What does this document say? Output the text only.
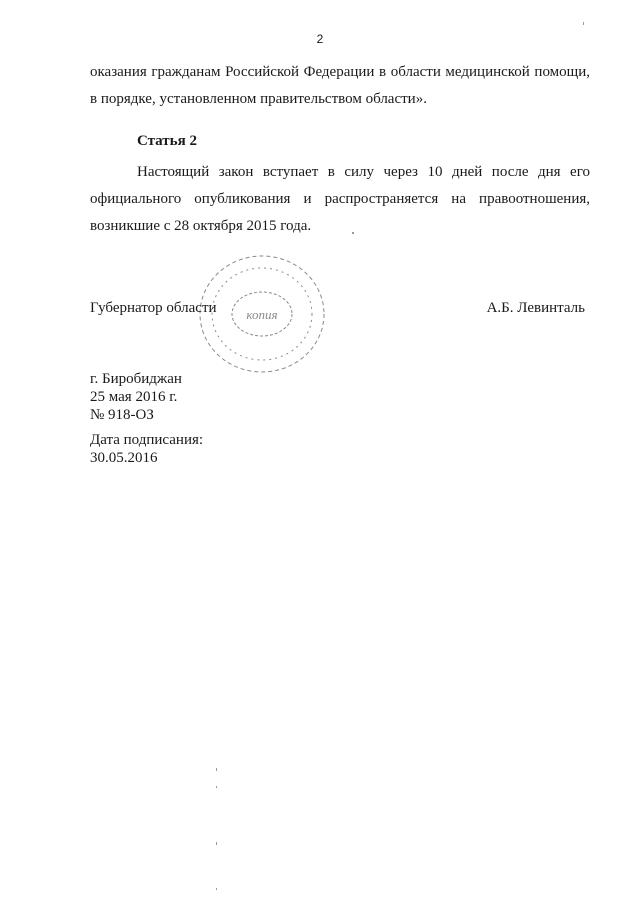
2
оказания гражданам Российской Федерации в области медицинской помощи,
в порядке, установленном правительством области».
Статья 2
Настоящий закон вступает в силу через 10 дней после дня его
официального опубликования и распространяется на правоотношения,
возникшие с 28 октября 2015 года.
копия
Губернатор области	А.Б. Левинталь
г. Биробиджан
25 мая 2016 г.
№ 918-ОЗ
Дата подписания:
30.05.2016
